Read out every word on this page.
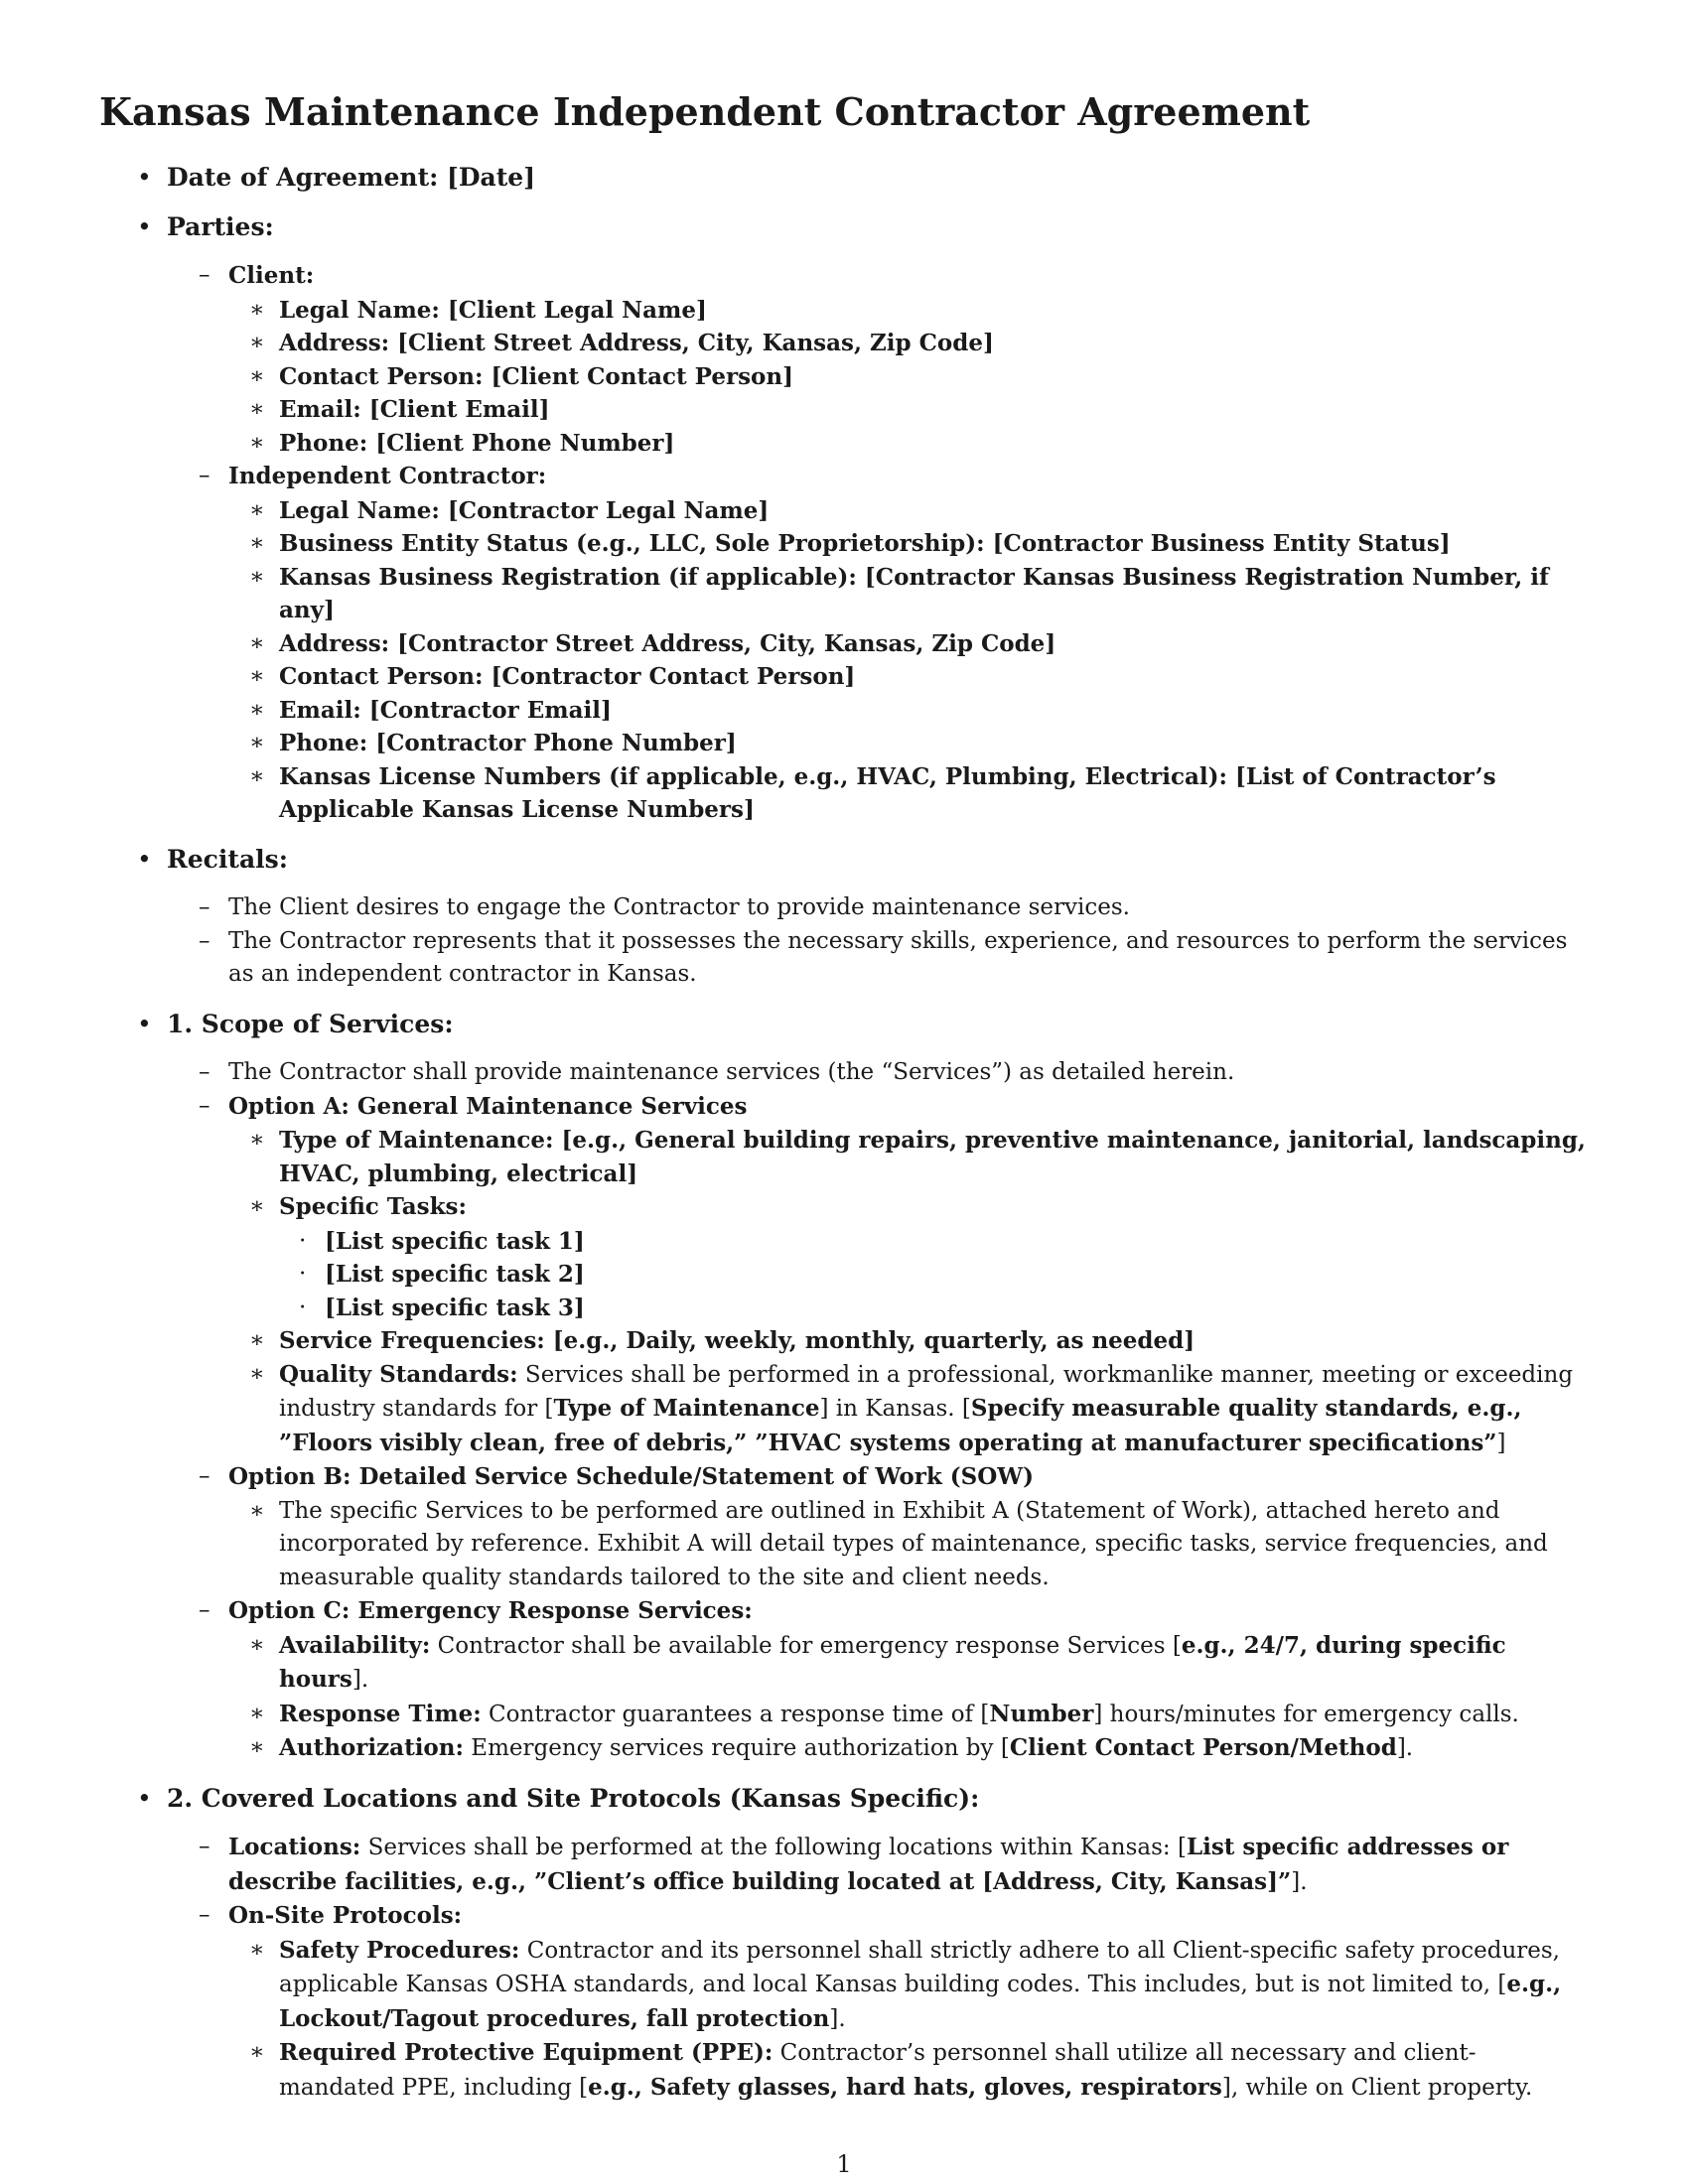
Kansas Maintenance Independent Contractor Agreement
• Date of Agreement: [Date]
• Parties:
– Client:
∗ Legal Name: [Client Legal Name]
∗ Address: [Client Street Address, City, Kansas, Zip Code]
∗ Contact Person: [Client Contact Person]
∗ Email: [Client Email]
∗ Phone: [Client Phone Number]
– Independent Contractor:
∗ Legal Name: [Contractor Legal Name]
∗ Business Entity Status (e.g., LLC, Sole Proprietorship): [Contractor Business Entity Status]
∗ Kansas Business Registration (if applicable): [Contractor Kansas Business Registration Number, if any]
∗ Address: [Contractor Street Address, City, Kansas, Zip Code]
∗ Contact Person: [Contractor Contact Person]
∗ Email: [Contractor Email]
∗ Phone: [Contractor Phone Number]
∗ Kansas License Numbers (if applicable, e.g., HVAC, Plumbing, Electrical): [List of Contractor’s Applicable Kansas License Numbers]
• Recitals:
– The Client desires to engage the Contractor to provide maintenance services.
– The Contractor represents that it possesses the necessary skills, experience, and resources to perform the services as an independent contractor in Kansas.
• 1. Scope of Services:
– The Contractor shall provide maintenance services (the “Services”) as detailed herein.
– Option A: General Maintenance Services
∗ Type of Maintenance: [e.g., General building repairs, preventive maintenance, janitorial, landscaping, HVAC, plumbing, electrical]
∗ Specific Tasks:
· [List specific task 1]
· [List specific task 2]
· [List specific task 3]
∗ Service Frequencies: [e.g., Daily, weekly, monthly, quarterly, as needed]
∗ Quality Standards: Services shall be performed in a professional, workmanlike manner, meeting or exceeding industry standards for [Type of Maintenance] in Kansas. [Specify measurable quality standards, e.g., ”Floors visibly clean, free of debris,” ”HVAC systems operating at manufacturer specifications”]
– Option B: Detailed Service Schedule/Statement of Work (SOW)
∗ The specific Services to be performed are outlined in Exhibit A (Statement of Work), attached hereto and incorporated by reference. Exhibit A will detail types of maintenance, specific tasks, service frequencies, and measurable quality standards tailored to the site and client needs.
– Option C: Emergency Response Services:
∗ Availability: Contractor shall be available for emergency response Services [e.g., 24/7, during specific hours].
∗ Response Time: Contractor guarantees a response time of [Number] hours/minutes for emergency calls.
∗ Authorization: Emergency services require authorization by [Client Contact Person/Method].
• 2. Covered Locations and Site Protocols (Kansas Specific):
– Locations: Services shall be performed at the following locations within Kansas: [List specific addresses or describe facilities, e.g., ”Client’s office building located at [Address, City, Kansas]”].
– On-Site Protocols:
∗ Safety Procedures: Contractor and its personnel shall strictly adhere to all Client-specific safety procedures, applicable Kansas OSHA standards, and local Kansas building codes. This includes, but is not limited to, [e.g., Lockout/Tagout procedures, fall protection].
∗ Required Protective Equipment (PPE): Contractor’s personnel shall utilize all necessary and client-mandated PPE, including [e.g., Safety glasses, hard hats, gloves, respirators], while on Client property.
1
